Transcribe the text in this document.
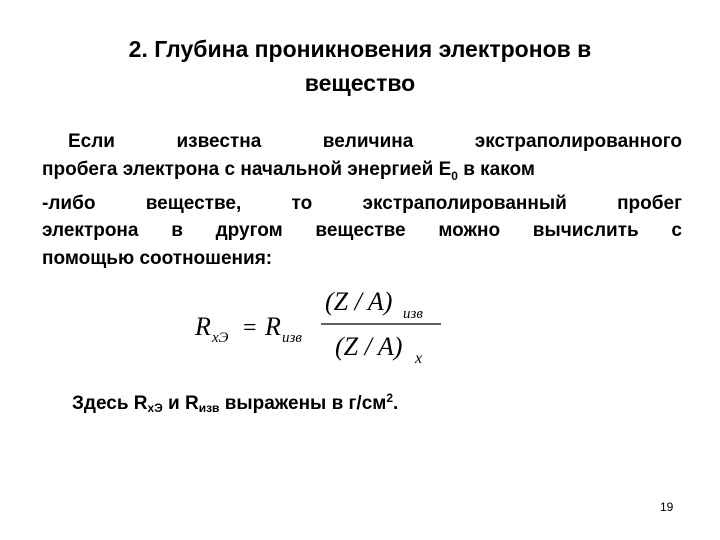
2. Глубина проникновения электронов в
вещество
Если известна величина экстраполированного
пробега электрона с начальной энергией $Е_0$ в каком
-либо веществе, то экстраполированный пробег
электрона в другом веществе можно вычислить с
помощью соотношения:
R хЭ = R изв
(Z / A) изв
(Z / A) x
Здесь $R_{хЭ}$ и $R_{изв}$ выражены в $г/см^2$.
19
